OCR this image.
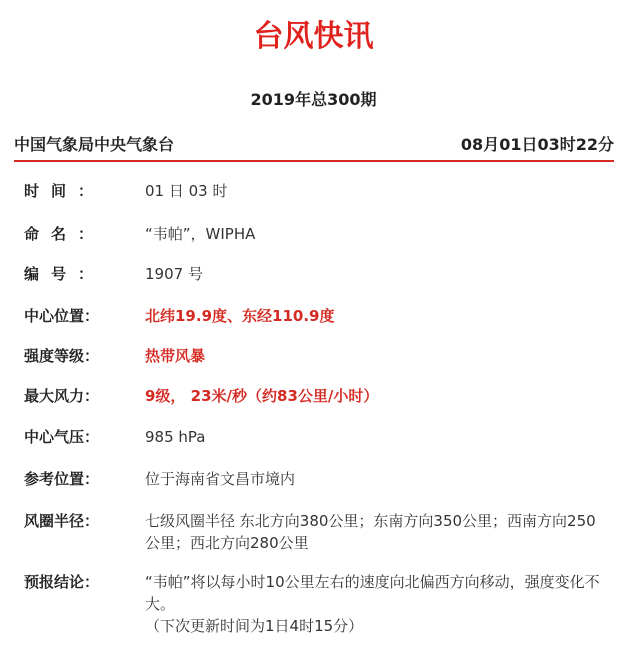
台风快讯
2019年总300期
中国气象局中央气象台	08月01日03时22分
时间：	01 日 03 时
命名：	“韦帕”，WIPHA
编号：	1907 号
中心位置：	北纬19.9度、东经110.9度
强度等级：	热带风暴
最大风力：	9级， 23米/秒（约83公里/小时）
中心气压：	985 hPa
参考位置：	位于海南省文昌市境内
风圈半径：	七级风圈半径 东北方向380公里；东南方向350公里；西南方向250公里；西北方向280公里
预报结论：	“韦帕”将以每小时10公里左右的速度向北偏西方向移动，强度变化不大。
（下次更新时间为1日4时15分）
